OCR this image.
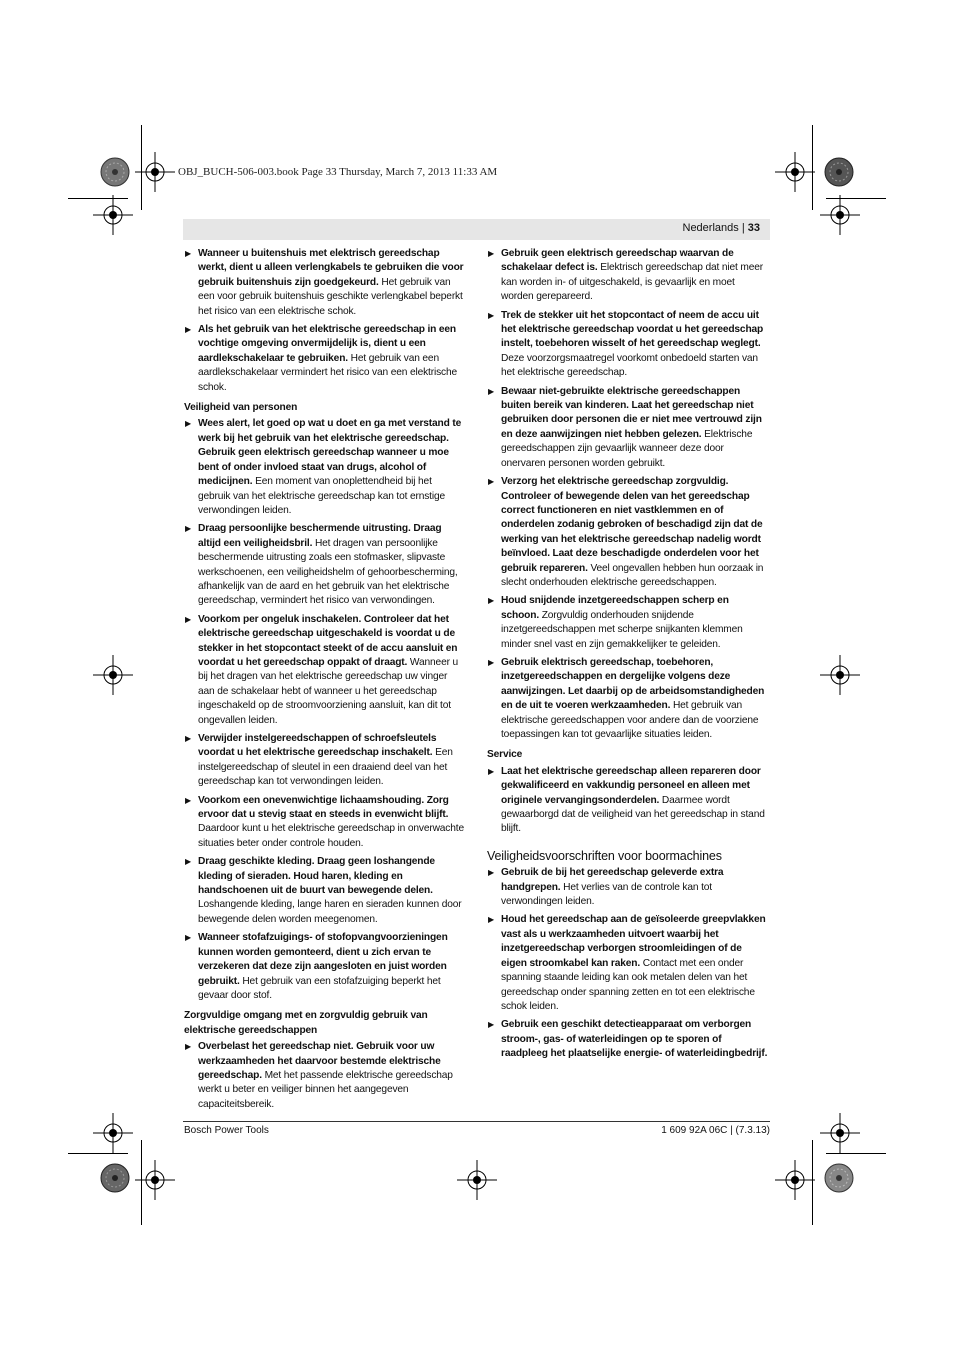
OBJ_BUCH-506-003.book Page 33 Thursday, March 7, 2013 11:33 AM
Nederlands | 33
▶ Wanneer u buitenshuis met elektrisch gereedschap werkt, dient u alleen verlengkabels te gebruiken die voor gebruik buitenshuis zijn goedgekeurd. Het gebruik van een voor gebruik buitenshuis geschikte verlengkabel beperkt het risico van een elektrische schok.
▶ Als het gebruik van het elektrische gereedschap in een vochtige omgeving onvermijdelijk is, dient u een aardlekschakelaar te gebruiken. Het gebruik van een aardlekschakelaar vermindert het risico van een elektrische schok.
Veiligheid van personen
▶ Wees alert, let goed op wat u doet en ga met verstand te werk bij het gebruik van het elektrische gereedschap. Gebruik geen elektrisch gereedschap wanneer u moe bent of onder invloed staat van drugs, alcohol of medicijnen. Een moment van onoplettendheid bij het gebruik van het elektrische gereedschap kan tot ernstige verwondingen leiden.
▶ Draag persoonlijke beschermende uitrusting. Draag altijd een veiligheidsbril. Het dragen van persoonlijke beschermende uitrusting zoals een stofmasker, slipvaste werkschoenen, een veiligheidshelm of gehoorbescherming, afhankelijk van de aard en het gebruik van het elektrische gereedschap, vermindert het risico van verwondingen.
▶ Voorkom per ongeluk inschakelen. Controleer dat het elektrische gereedschap uitgeschakeld is voordat u de stekker in het stopcontact steekt of de accu aansluit en voordat u het gereedschap oppakt of draagt. Wanneer u bij het dragen van het elektrische gereedschap uw vinger aan de schakelaar hebt of wanneer u het gereedschap ingeschakeld op de stroomvoorziening aansluit, kan dit tot ongevallen leiden.
▶ Verwijder instelgereedschappen of schroefsleutels voordat u het elektrische gereedschap inschakelt. Een instelgereedschap of sleutel in een draaiend deel van het gereedschap kan tot verwondingen leiden.
▶ Voorkom een onevenwichtige lichaamshouding. Zorg ervoor dat u stevig staat en steeds in evenwicht blijft. Daardoor kunt u het elektrische gereedschap in onverwachte situaties beter onder controle houden.
▶ Draag geschikte kleding. Draag geen loshangende kleding of sieraden. Houd haren, kleding en handschoenen uit de buurt van bewegende delen. Loshangende kleding, lange haren en sieraden kunnen door bewegende delen worden meegenomen.
▶ Wanneer stofafzuigings- of stofopvangvoorzieningen kunnen worden gemonteerd, dient u zich ervan te verzekeren dat deze zijn aangesloten en juist worden gebruikt. Het gebruik van een stofafzuiging beperkt het gevaar door stof.
Zorgvuldige omgang met en zorgvuldig gebruik van elektrische gereedschappen
▶ Overbelast het gereedschap niet. Gebruik voor uw werkzaamheden het daarvoor bestemde elektrische gereedschap. Met het passende elektrische gereedschap werkt u beter en veiliger binnen het aangegeven capaciteitsbereik.
▶ Gebruik geen elektrisch gereedschap waarvan de schakelaar defect is. Elektrisch gereedschap dat niet meer kan worden in- of uitgeschakeld, is gevaarlijk en moet worden gerepareerd.
▶ Trek de stekker uit het stopcontact of neem de accu uit het elektrische gereedschap voordat u het gereedschap instelt, toebehoren wisselt of het gereedschap weglegt. Deze voorzorgsmaatregel voorkomt onbedoeld starten van het elektrische gereedschap.
▶ Bewaar niet-gebruikte elektrische gereedschappen buiten bereik van kinderen. Laat het gereedschap niet gebruiken door personen die er niet mee vertrouwd zijn en deze aanwijzingen niet hebben gelezen. Elektrische gereedschappen zijn gevaarlijk wanneer deze door onervaren personen worden gebruikt.
▶ Verzorg het elektrische gereedschap zorgvuldig. Controleer of bewegende delen van het gereedschap correct functioneren en niet vastklemmen en of onderdelen zodanig gebroken of beschadigd zijn dat de werking van het elektrische gereedschap nadelig wordt beïnvloed. Laat deze beschadigde onderdelen voor het gebruik repareren. Veel ongevallen hebben hun oorzaak in slecht onderhouden elektrische gereedschappen.
▶ Houd snijdende inzetgereedschappen scherp en schoon. Zorgvuldig onderhouden snijdende inzetgereedschappen met scherpe snijkanten klemmen minder snel vast en zijn gemakkelijker te geleiden.
▶ Gebruik elektrisch gereedschap, toebehoren, inzetgereedschappen en dergelijke volgens deze aanwijzingen. Let daarbij op de arbeidsomstandigheden en de uit te voeren werkzaamheden. Het gebruik van elektrische gereedschappen voor andere dan de voorziene toepassingen kan tot gevaarlijke situaties leiden.
Service
▶ Laat het elektrische gereedschap alleen repareren door gekwalificeerd en vakkundig personeel en alleen met originele vervangingsonderdelen. Daarmee wordt gewaarborgd dat de veiligheid van het gereedschap in stand blijft.
Veiligheidsvoorschriften voor boormachines
▶ Gebruik de bij het gereedschap geleverde extra handgrepen. Het verlies van de controle kan tot verwondingen leiden.
▶ Houd het gereedschap aan de geïsoleerde greepvlakken vast als u werkzaamheden uitvoert waarbij het inzetgereedschap verborgen stroomleidingen of de eigen stroomkabel kan raken. Contact met een onder spanning staande leiding kan ook metalen delen van het gereedschap onder spanning zetten en tot een elektrische schok leiden.
▶ Gebruik een geschikt detectieapparaat om verborgen stroom-, gas- of waterleidingen op te sporen of raadpleeg het plaatselijke energie- of waterleidingbedrijf.
Bosch Power Tools	1 609 92A 06C | (7.3.13)
